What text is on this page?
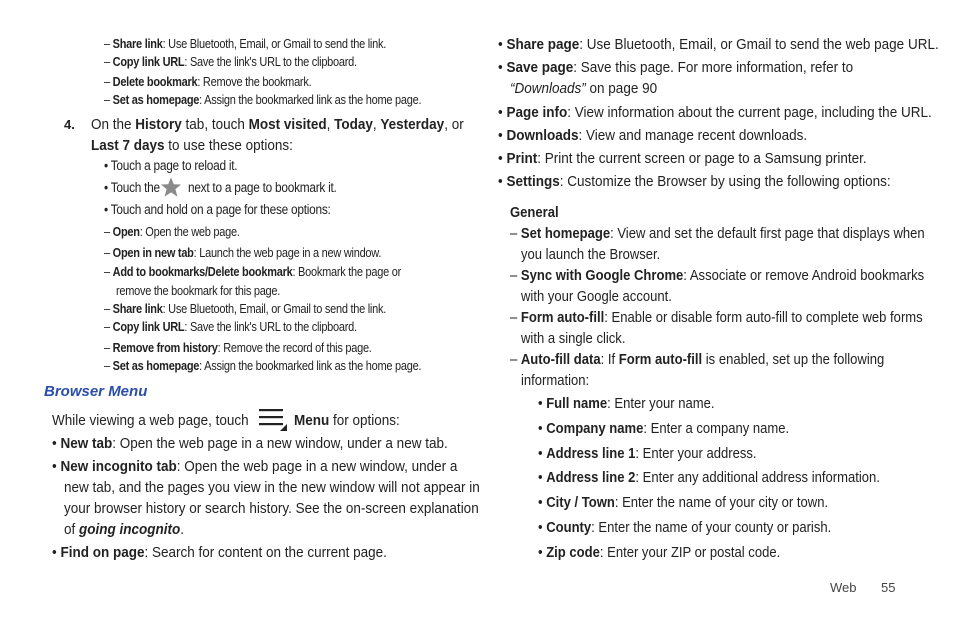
– Share link: Use Bluetooth, Email, or Gmail to send the link.
– Copy link URL: Save the link's URL to the clipboard.
– Delete bookmark: Remove the bookmark.
– Set as homepage: Assign the bookmarked link as the home page.
4. On the History tab, touch Most visited, Today, Yesterday, or
Last 7 days to use these options:
• Touch a page to reload it.
• Touch the next to a page to bookmark it.
• Touch and hold on a page for these options:
– Open: Open the web page.
– Open in new tab: Launch the web page in a new window.
– Add to bookmarks/Delete bookmark: Bookmark the page or
remove the bookmark for this page.
– Share link: Use Bluetooth, Email, or Gmail to send the link.
– Copy link URL: Save the link's URL to the clipboard.
– Remove from history: Remove the record of this page.
– Set as homepage: Assign the bookmarked link as the home page.
Browser Menu
While viewing a web page, touch	Menu for options:
• New tab: Open the web page in a new window, under a new tab.
• New incognito tab: Open the web page in a new window, under a
new tab, and the pages you view in the new window will not appear in
your browser history or search history. See the on-screen explanation
of going incognito.
• Find on page: Search for content on the current page.
• Share page: Use Bluetooth, Email, or Gmail to send the web page URL.
• Save page: Save this page. For more information, refer to
“Downloads” on page 90
• Page info: View information about the current page, including the URL.
• Downloads: View and manage recent downloads.
• Print: Print the current screen or page to a Samsung printer.
• Settings: Customize the Browser by using the following options:
General
– Set homepage: View and set the default first page that displays when
you launch the Browser.
– Sync with Google Chrome: Associate or remove Android bookmarks
with your Google account.
– Form auto-fill: Enable or disable form auto-fill to complete web forms
with a single click.
– Auto-fill data: If Form auto-fill is enabled, set up the following
information:
• Full name: Enter your name.
• Company name: Enter a company name.
• Address line 1: Enter your address.
• Address line 2: Enter any additional address information.
• City / Town: Enter the name of your city or town.
• County: Enter the name of your county or parish.
• Zip code: Enter your ZIP or postal code.
Web 55
